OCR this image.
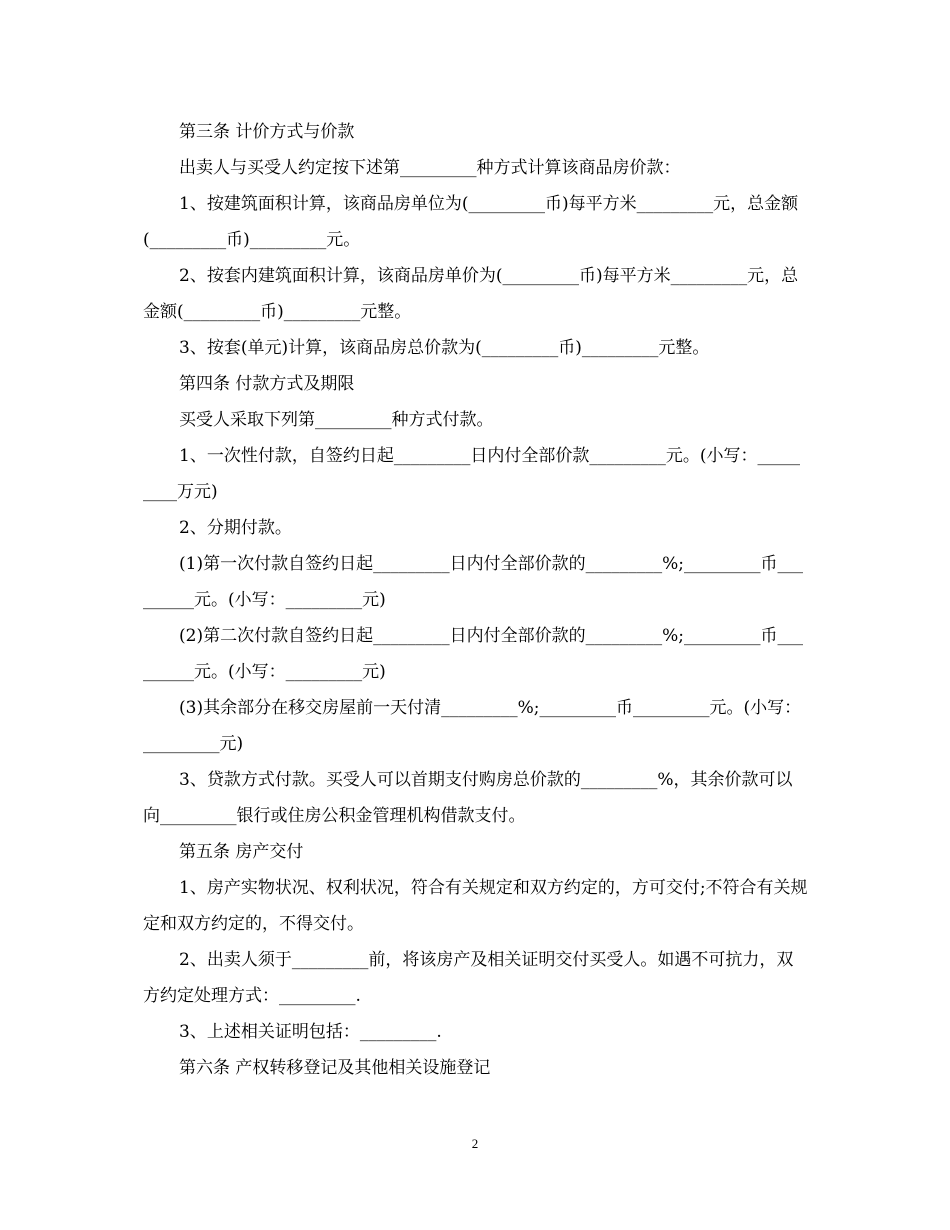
第三条 计价方式与价款

出卖人与买受人约定按下述第_________种方式计算该商品房价款：

1、按建筑面积计算，该商品房单位为(_________币)每平方米_________元，总金额(_________币)_________元。

2、按套内建筑面积计算，该商品房单价为(_________币)每平方米_________元，总金额(_________币)_________元整。

3、按套(单元)计算，该商品房总价款为(_________币)_________元整。

第四条 付款方式及期限

买受人采取下列第_________种方式付款。

1、一次性付款，自签约日起_________日内付全部价款_________元。(小写：_________万元)

2、分期付款。

(1)第一次付款自签约日起_________日内付全部价款的_________%;_________币_________元。(小写：_________元)

(2)第二次付款自签约日起_________日内付全部价款的_________%;_________币_________元。(小写：_________元)

(3)其余部分在移交房屋前一天付清_________%;_________币_________元。(小写：_________元)

3、贷款方式付款。买受人可以首期支付购房总价款的_________%，其余价款可以向_________银行或住房公积金管理机构借款支付。

第五条 房产交付

1、房产实物状况、权利状况，符合有关规定和双方约定的，方可交付;不符合有关规定和双方约定的，不得交付。

2、出卖人须于_________前，将该房产及相关证明交付买受人。如遇不可抗力，双方约定处理方式：_________.

3、上述相关证明包括：_________.

第六条 产权转移登记及其他相关设施登记

2
